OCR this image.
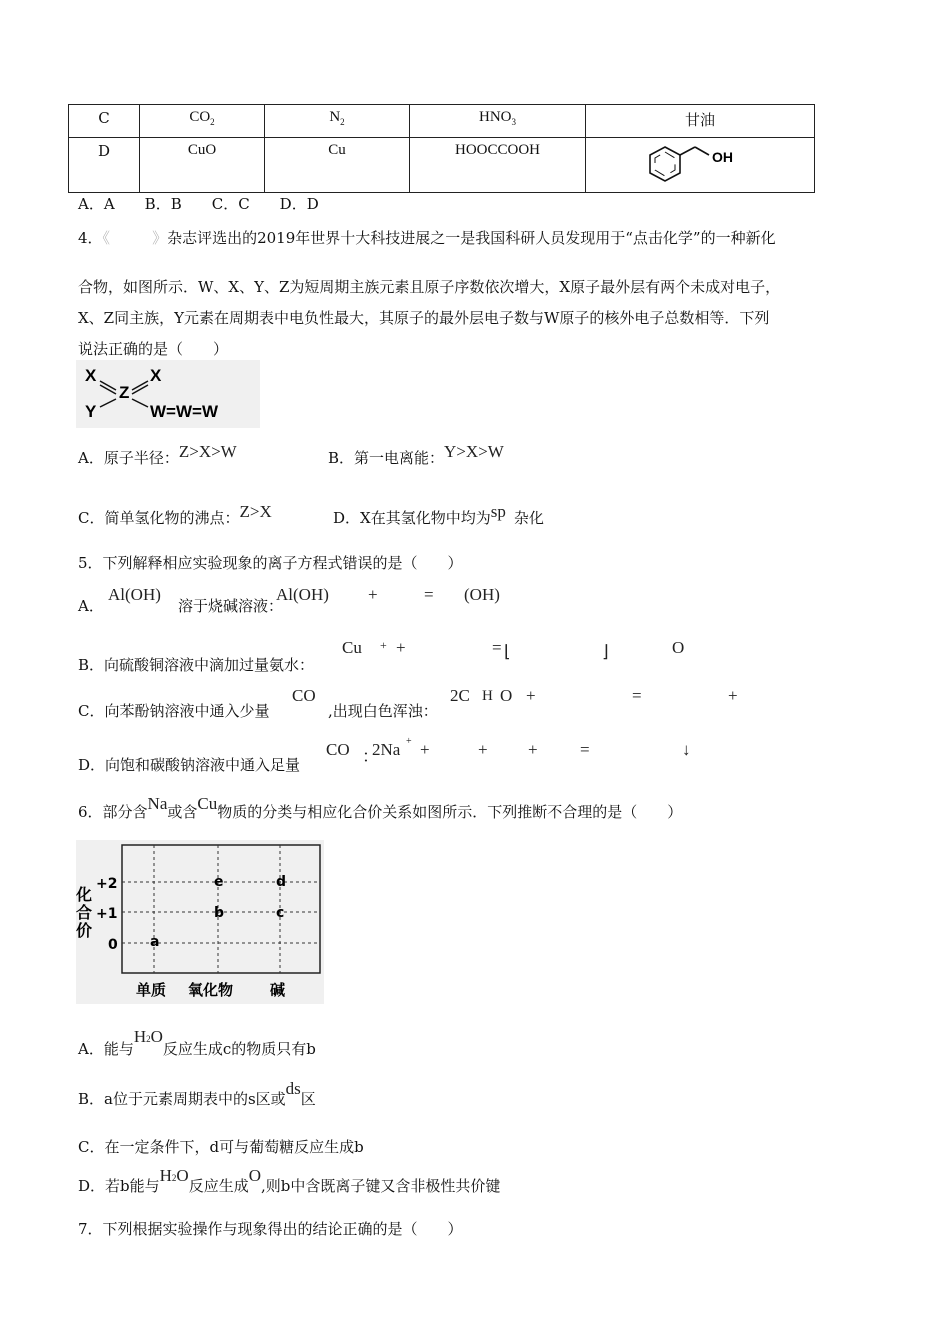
C	$CO_2$	$N_2$	$HNO_3$	甘油
D	CuO	Cu	HOOCCOOH	OH
A．A　　B．B　　C．C　　D．D
4．《	》杂志评选出的2019年世界十大科技进展之一是我国科研人员发现用于“点击化学”的一种新化
合物，如图所示．W、X、Y、Z为短周期主族元素且原子序数依次增大，X原子最外层有两个未成对电子，
X、Z同主族，Y元素在周期表中电负性最大，其原子的最外层电子数与W原子的核外电子总数相等．下列
说法正确的是（　　）
X
Z
X
Y	W=W=W
A．原子半径：Z>X>W	B．第一电离能：Y>X>W
C．简单氢化物的沸点：Z>X	D．X在其氢化物中均为sp 杂化
5．下列解释相应实验现象的离子方程式错误的是（　　）
A．
Al(OH)
溶于烧碱溶液：
Al(OH) +	= (OH)
B．向硫酸铜溶液中滴加过量氨水：
Cu + +	= ⌊	⌋	O
C．向苯酚钠溶液中通入少量
CO
,出现白色浑浊：
2C H O +	=	+
D．向饱和碳酸钠溶液中通入足量
CO ：
2Na + +	+ + =	↓
6．部分含Na或含Cu物质的分类与相应化合价关系如图所示．下列推断不合理的是（　　）
化
合
价
+2
+1
0 a
e	d
b	c
单质 氧化物 碱
A．能与H2O反应生成c的物质只有b
B．a位于元素周期表中的s区或ds区
C．在一定条件下，d可与葡萄糖反应生成b
D．若b能与H2O反应生成O,则b中含既离子键又含非极性共价键
7．下列根据实验操作与现象得出的结论正确的是（　　）
